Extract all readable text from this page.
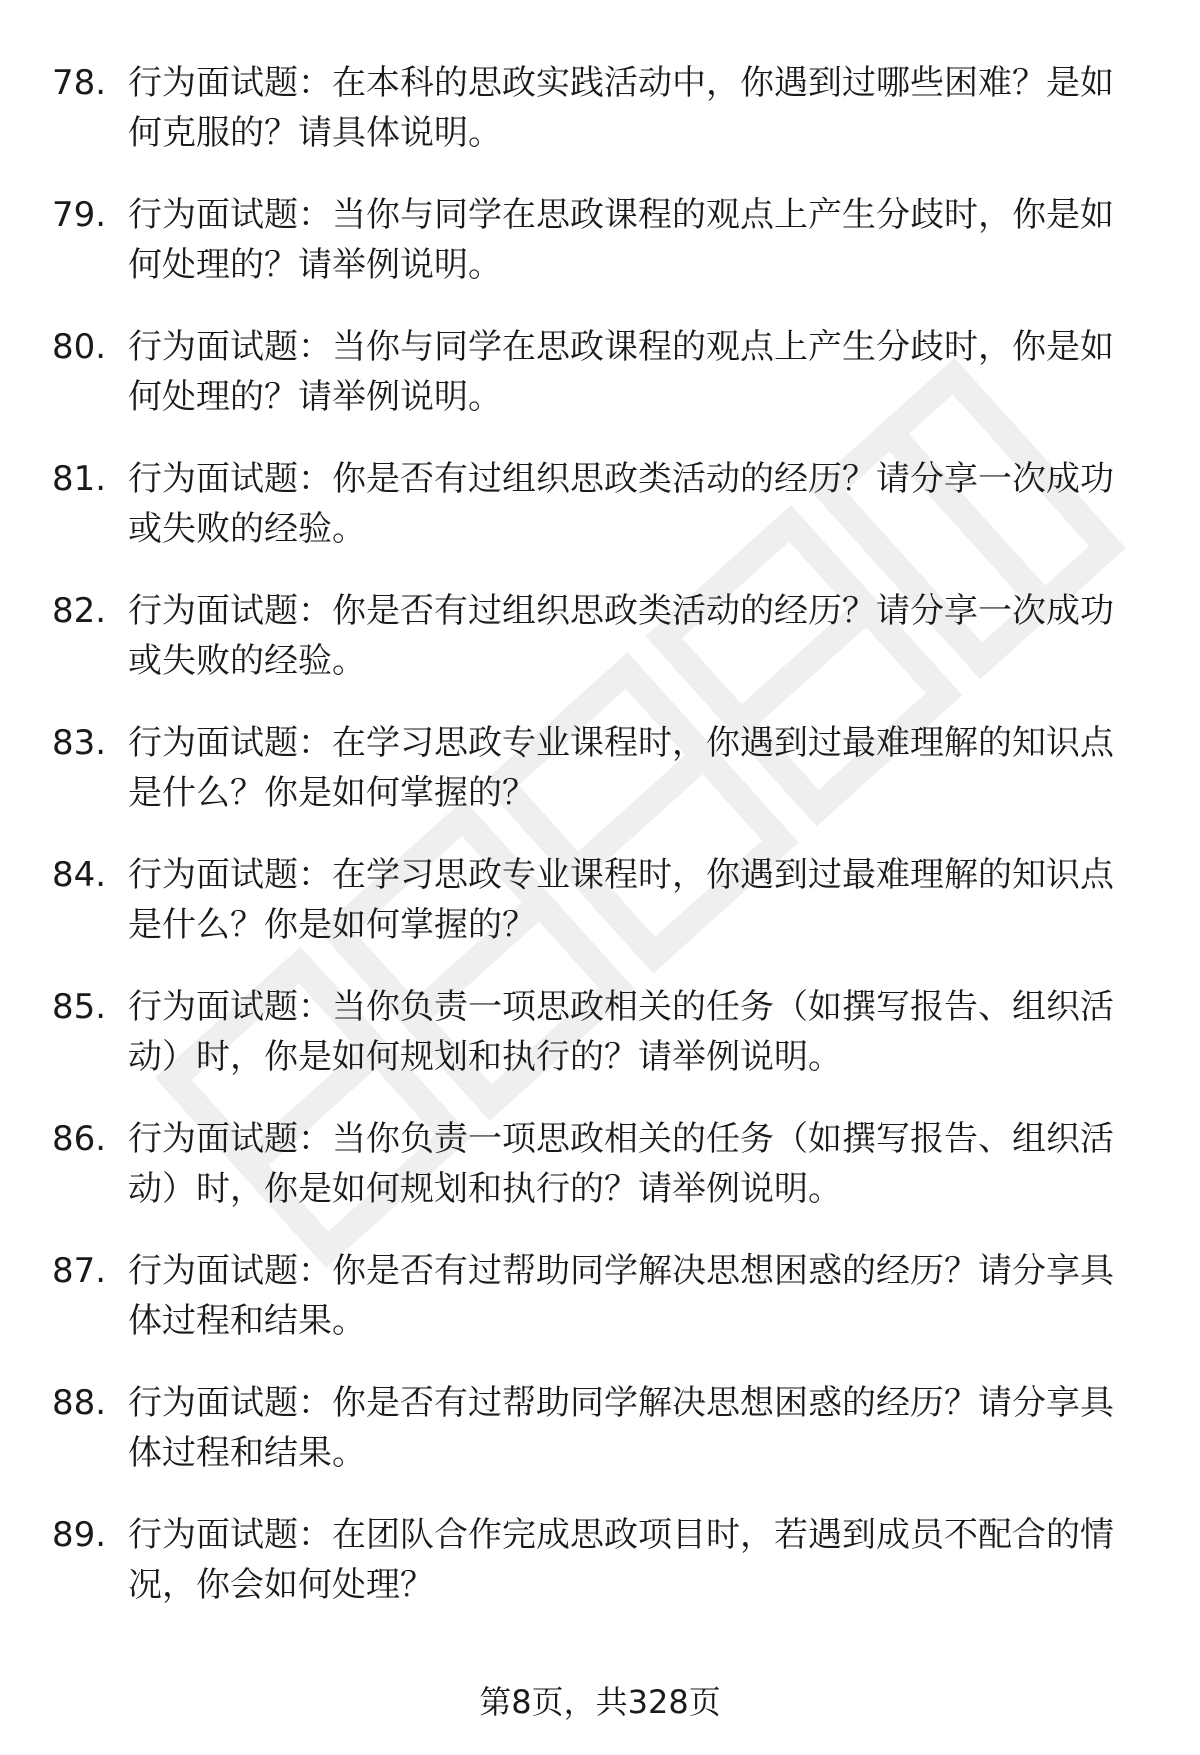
78. 行为面试题：在本科的思政实践活动中，你遇到过哪些困难？是如何克服的？请具体说明。
79. 行为面试题：当你与同学在思政课程的观点上产生分歧时，你是如何处理的？请举例说明。
80. 行为面试题：当你与同学在思政课程的观点上产生分歧时，你是如何处理的？请举例说明。
81. 行为面试题：你是否有过组织思政类活动的经历？请分享一次成功或失败的经验。
82. 行为面试题：你是否有过组织思政类活动的经历？请分享一次成功或失败的经验。
83. 行为面试题：在学习思政专业课程时，你遇到过最难理解的知识点是什么？你是如何掌握的？
84. 行为面试题：在学习思政专业课程时，你遇到过最难理解的知识点是什么？你是如何掌握的？
85. 行为面试题：当你负责一项思政相关的任务（如撰写报告、组织活动）时，你是如何规划和执行的？请举例说明。
86. 行为面试题：当你负责一项思政相关的任务（如撰写报告、组织活动）时，你是如何规划和执行的？请举例说明。
87. 行为面试题：你是否有过帮助同学解决思想困惑的经历？请分享具体过程和结果。
88. 行为面试题：你是否有过帮助同学解决思想困惑的经历？请分享具体过程和结果。
89. 行为面试题：在团队合作完成思政项目时，若遇到成员不配合的情况，你会如何处理？
第8页，共328页
